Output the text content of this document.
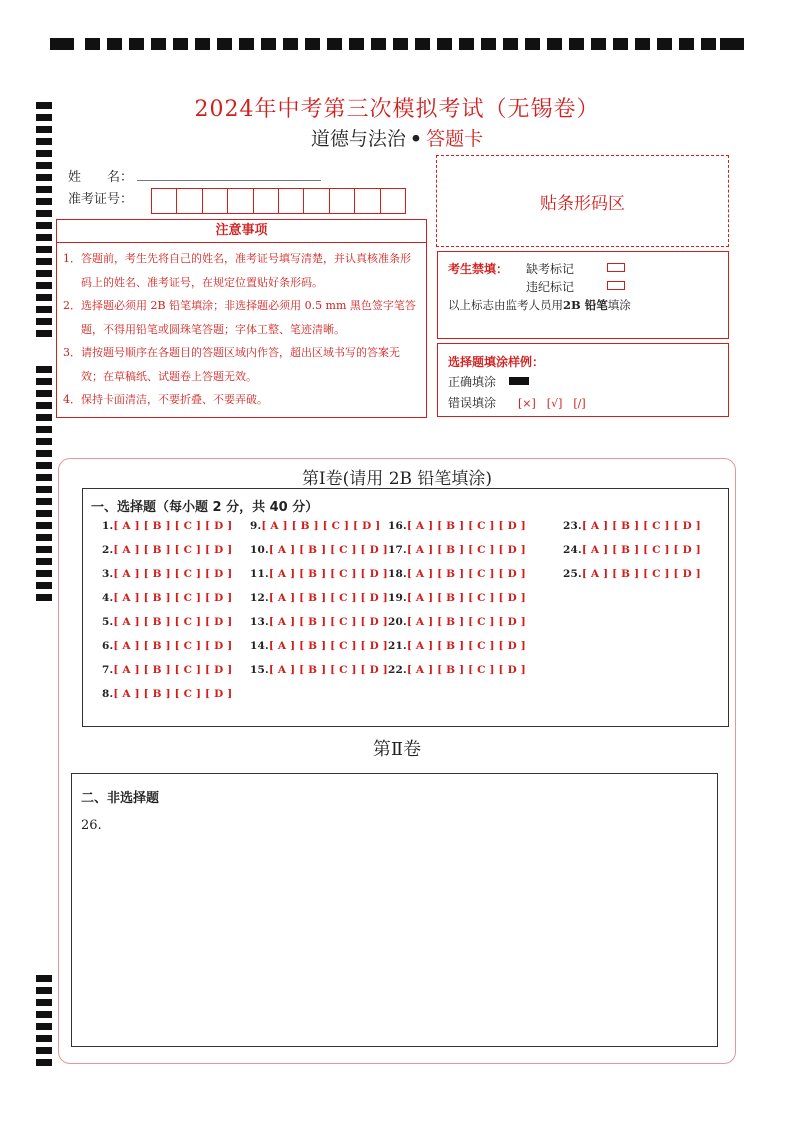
2024年中考第三次模拟考试（无锡卷）
道德与法治 • 答题卡
姓　　名：
准考证号：	贴条形码区
注意事项
1．答题前，考生先将自己的姓名，准考证号填写清楚，并认真核准条形码上的姓名、准考证号，在规定位置贴好条形码。
2．选择题必须用 2B 铅笔填涂；非选择题必须用 0.5 mm 黑色签字笔答题，不得用铅笔或圆珠笔答题；字体工整、笔迹清晰。
3．请按题号顺序在各题目的答题区域内作答，超出区域书写的答案无效；在草稿纸、试题卷上答题无效。
4．保持卡面清洁，不要折叠、不要弄破。
考生禁填： 缺考标记
违纪标记
以上标志由监考人员用2B 铅笔填涂
选择题填涂样例：
正确填涂
错误填涂 [×]　[√]　[/]
第Ⅰ卷(请用 2B 铅笔填涂)
一、选择题（每小题 2 分，共 40 分）
1.[ A ] [ B ] [ C ] [ D ]
2.[ A ] [ B ] [ C ] [ D ]
3.[ A ] [ B ] [ C ] [ D ]
4.[ A ] [ B ] [ C ] [ D ]
5.[ A ] [ B ] [ C ] [ D ]
6.[ A ] [ B ] [ C ] [ D ]
7.[ A ] [ B ] [ C ] [ D ]
8.[ A ] [ B ] [ C ] [ D ]
9.[ A ] [ B ] [ C ] [ D ]
10.[ A ] [ B ] [ C ] [ D ]
11.[ A ] [ B ] [ C ] [ D ]
12.[ A ] [ B ] [ C ] [ D ]
13.[ A ] [ B ] [ C ] [ D ]
14.[ A ] [ B ] [ C ] [ D ]
15.[ A ] [ B ] [ C ] [ D ]
16.[ A ] [ B ] [ C ] [ D ]
17.[ A ] [ B ] [ C ] [ D ]
18.[ A ] [ B ] [ C ] [ D ]
19.[ A ] [ B ] [ C ] [ D ]
20.[ A ] [ B ] [ C ] [ D ]
21.[ A ] [ B ] [ C ] [ D ]
22.[ A ] [ B ] [ C ] [ D ]
23.[ A ] [ B ] [ C ] [ D ]
24.[ A ] [ B ] [ C ] [ D ]
25.[ A ] [ B ] [ C ] [ D ]
第Ⅱ卷
二、非选择题
26.
